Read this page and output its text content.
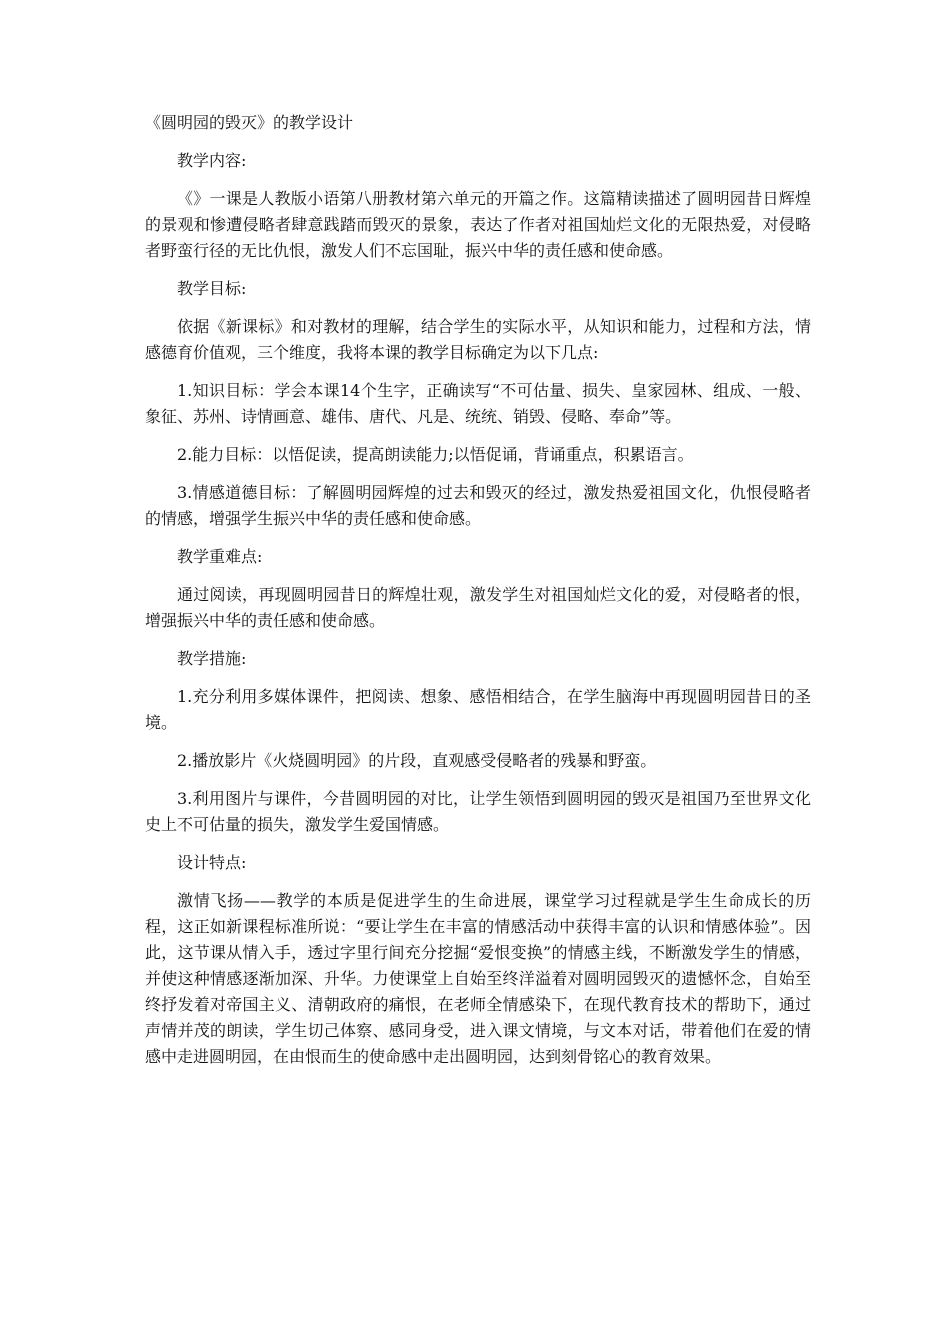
《圆明园的毁灭》的教学设计
教学内容:

《》一课是人教版小语第八册教材第六单元的开篇之作。这篇精读描述了圆明园昔日辉煌的景观和惨遭侵略者肆意践踏而毁灭的景象，表达了作者对祖国灿烂文化的无限热爱，对侵略者野蛮行径的无比仇恨，激发人们不忘国耻，振兴中华的责任感和使命感。

教学目标:

依据《新课标》和对教材的理解，结合学生的实际水平，从知识和能力，过程和方法，情感德育价值观，三个维度，我将本课的教学目标确定为以下几点:

1.知识目标：学会本课14个生字，正确读写“不可估量、损失、皇家园林、组成、一般、象征、苏州、诗情画意、雄伟、唐代、凡是、统统、销毁、侵略、奉命”等。

2.能力目标：以悟促读，提高朗读能力;以悟促诵，背诵重点，积累语言。

3.情感道德目标：了解圆明园辉煌的过去和毁灭的经过，激发热爱祖国文化，仇恨侵略者的情感，增强学生振兴中华的责任感和使命感。

教学重难点:

通过阅读，再现圆明园昔日的辉煌壮观，激发学生对祖国灿烂文化的爱，对侵略者的恨，增强振兴中华的责任感和使命感。

教学措施:

1.充分利用多媒体课件，把阅读、想象、感悟相结合，在学生脑海中再现圆明园昔日的圣境。

2.播放影片《火烧圆明园》的片段，直观感受侵略者的残暴和野蛮。

3.利用图片与课件，今昔圆明园的对比，让学生领悟到圆明园的毁灭是祖国乃至世界文化史上不可估量的损失，激发学生爱国情感。

设计特点:

激情飞扬——教学的本质是促进学生的生命进展，课堂学习过程就是学生生命成长的历程，这正如新课程标准所说：“要让学生在丰富的情感活动中获得丰富的认识和情感体验”。因此，这节课从情入手，透过字里行间充分挖掘“爱恨变换”的情感主线，不断激发学生的情感，并使这种情感逐渐加深、升华。力使课堂上自始至终洋溢着对圆明园毁灭的遗憾怀念，自始至终抒发着对帝国主义、清朝政府的痛恨，在老师全情感染下，在现代教育技术的帮助下，通过声情并茂的朗读，学生切己体察、感同身受，进入课文情境，与文本对话，带着他们在爱的情感中走进圆明园，在由恨而生的使命感中走出圆明园，达到刻骨铭心的教育效果。
